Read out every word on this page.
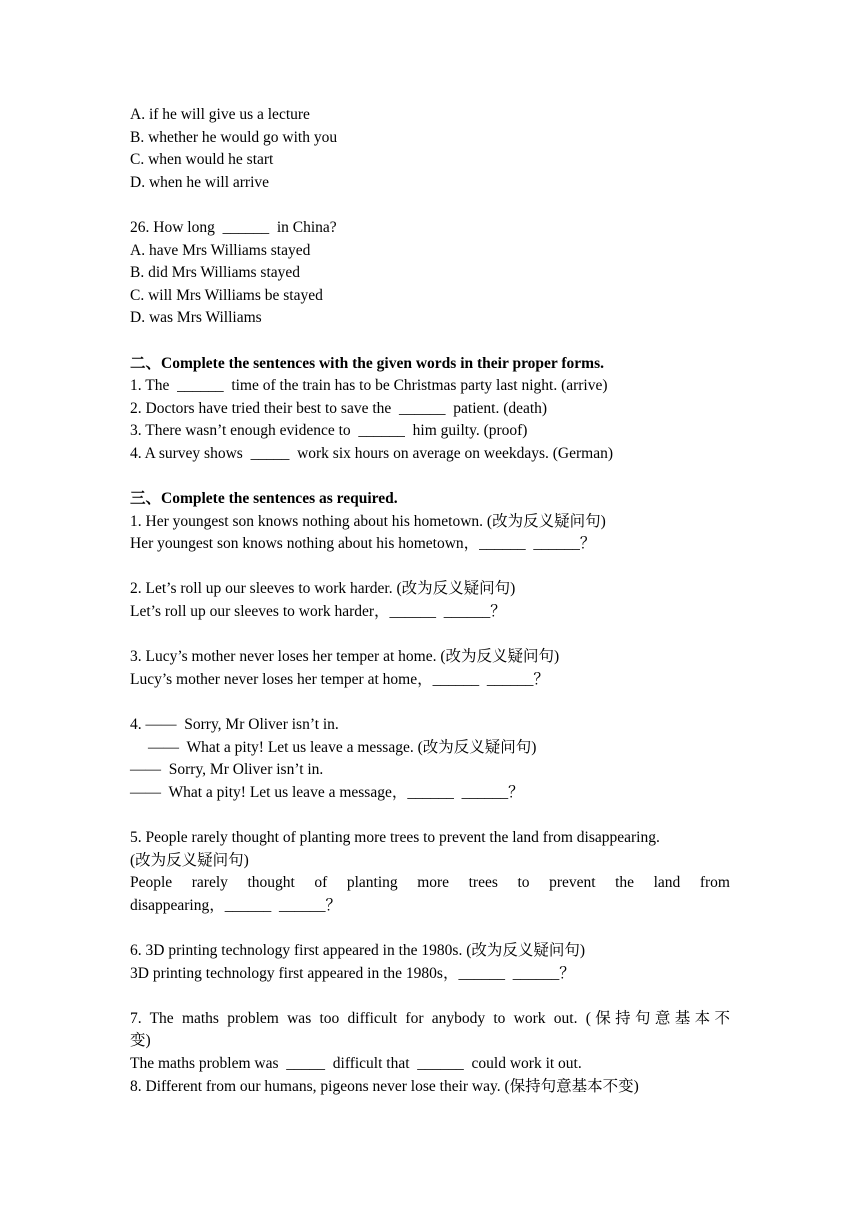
A. if he will give us a lecture
B. whether he would go with you
C. when would he start
D. when he will arrive
26. How long  ______  in China?
A. have Mrs Williams stayed
B. did Mrs Williams stayed
C. will Mrs Williams be stayed
D. was Mrs Williams
二、Complete the sentences with the given words in their proper forms.
1. The  ______  time of the train has to be Christmas party last night. (arrive)
2. Doctors have tried their best to save the  ______  patient. (death)
3. There wasn’t enough evidence to  ______  him guilty. (proof)
4. A survey shows  _____  work six hours on average on weekdays. (German)
三、Complete the sentences as required.
1. Her youngest son knows nothing about his hometown. (改为反义疑问句)
Her youngest son knows nothing about his hometown，______  ______？
2. Let’s roll up our sleeves to work harder. (改为反义疑问句)
Let’s roll up our sleeves to work harder，______  ______？
3. Lucy’s mother never loses her temper at home. (改为反义疑问句)
Lucy’s mother never loses her temper at home，______  ______？
4. ——  Sorry, Mr Oliver isn’t in.
——  What a pity! Let us leave a message. (改为反义疑问句)
——  Sorry, Mr Oliver isn’t in.
——  What a pity! Let us leave a message，______  ______？
5. People rarely thought of planting more trees to prevent the land from disappearing.
(改为反义疑问句)
People rarely thought of planting more trees to prevent the land from
disappearing，______  ______？
6. 3D printing technology first appeared in the 1980s. (改为反义疑问句)
3D printing technology first appeared in the 1980s，______  ______？
7. The maths problem was too difficult for anybody to work out. (保持句意基本不
变)
The maths problem was  _____  difficult that  ______  could work it out.
8. Different from our humans, pigeons never lose their way. (保持句意基本不变)
